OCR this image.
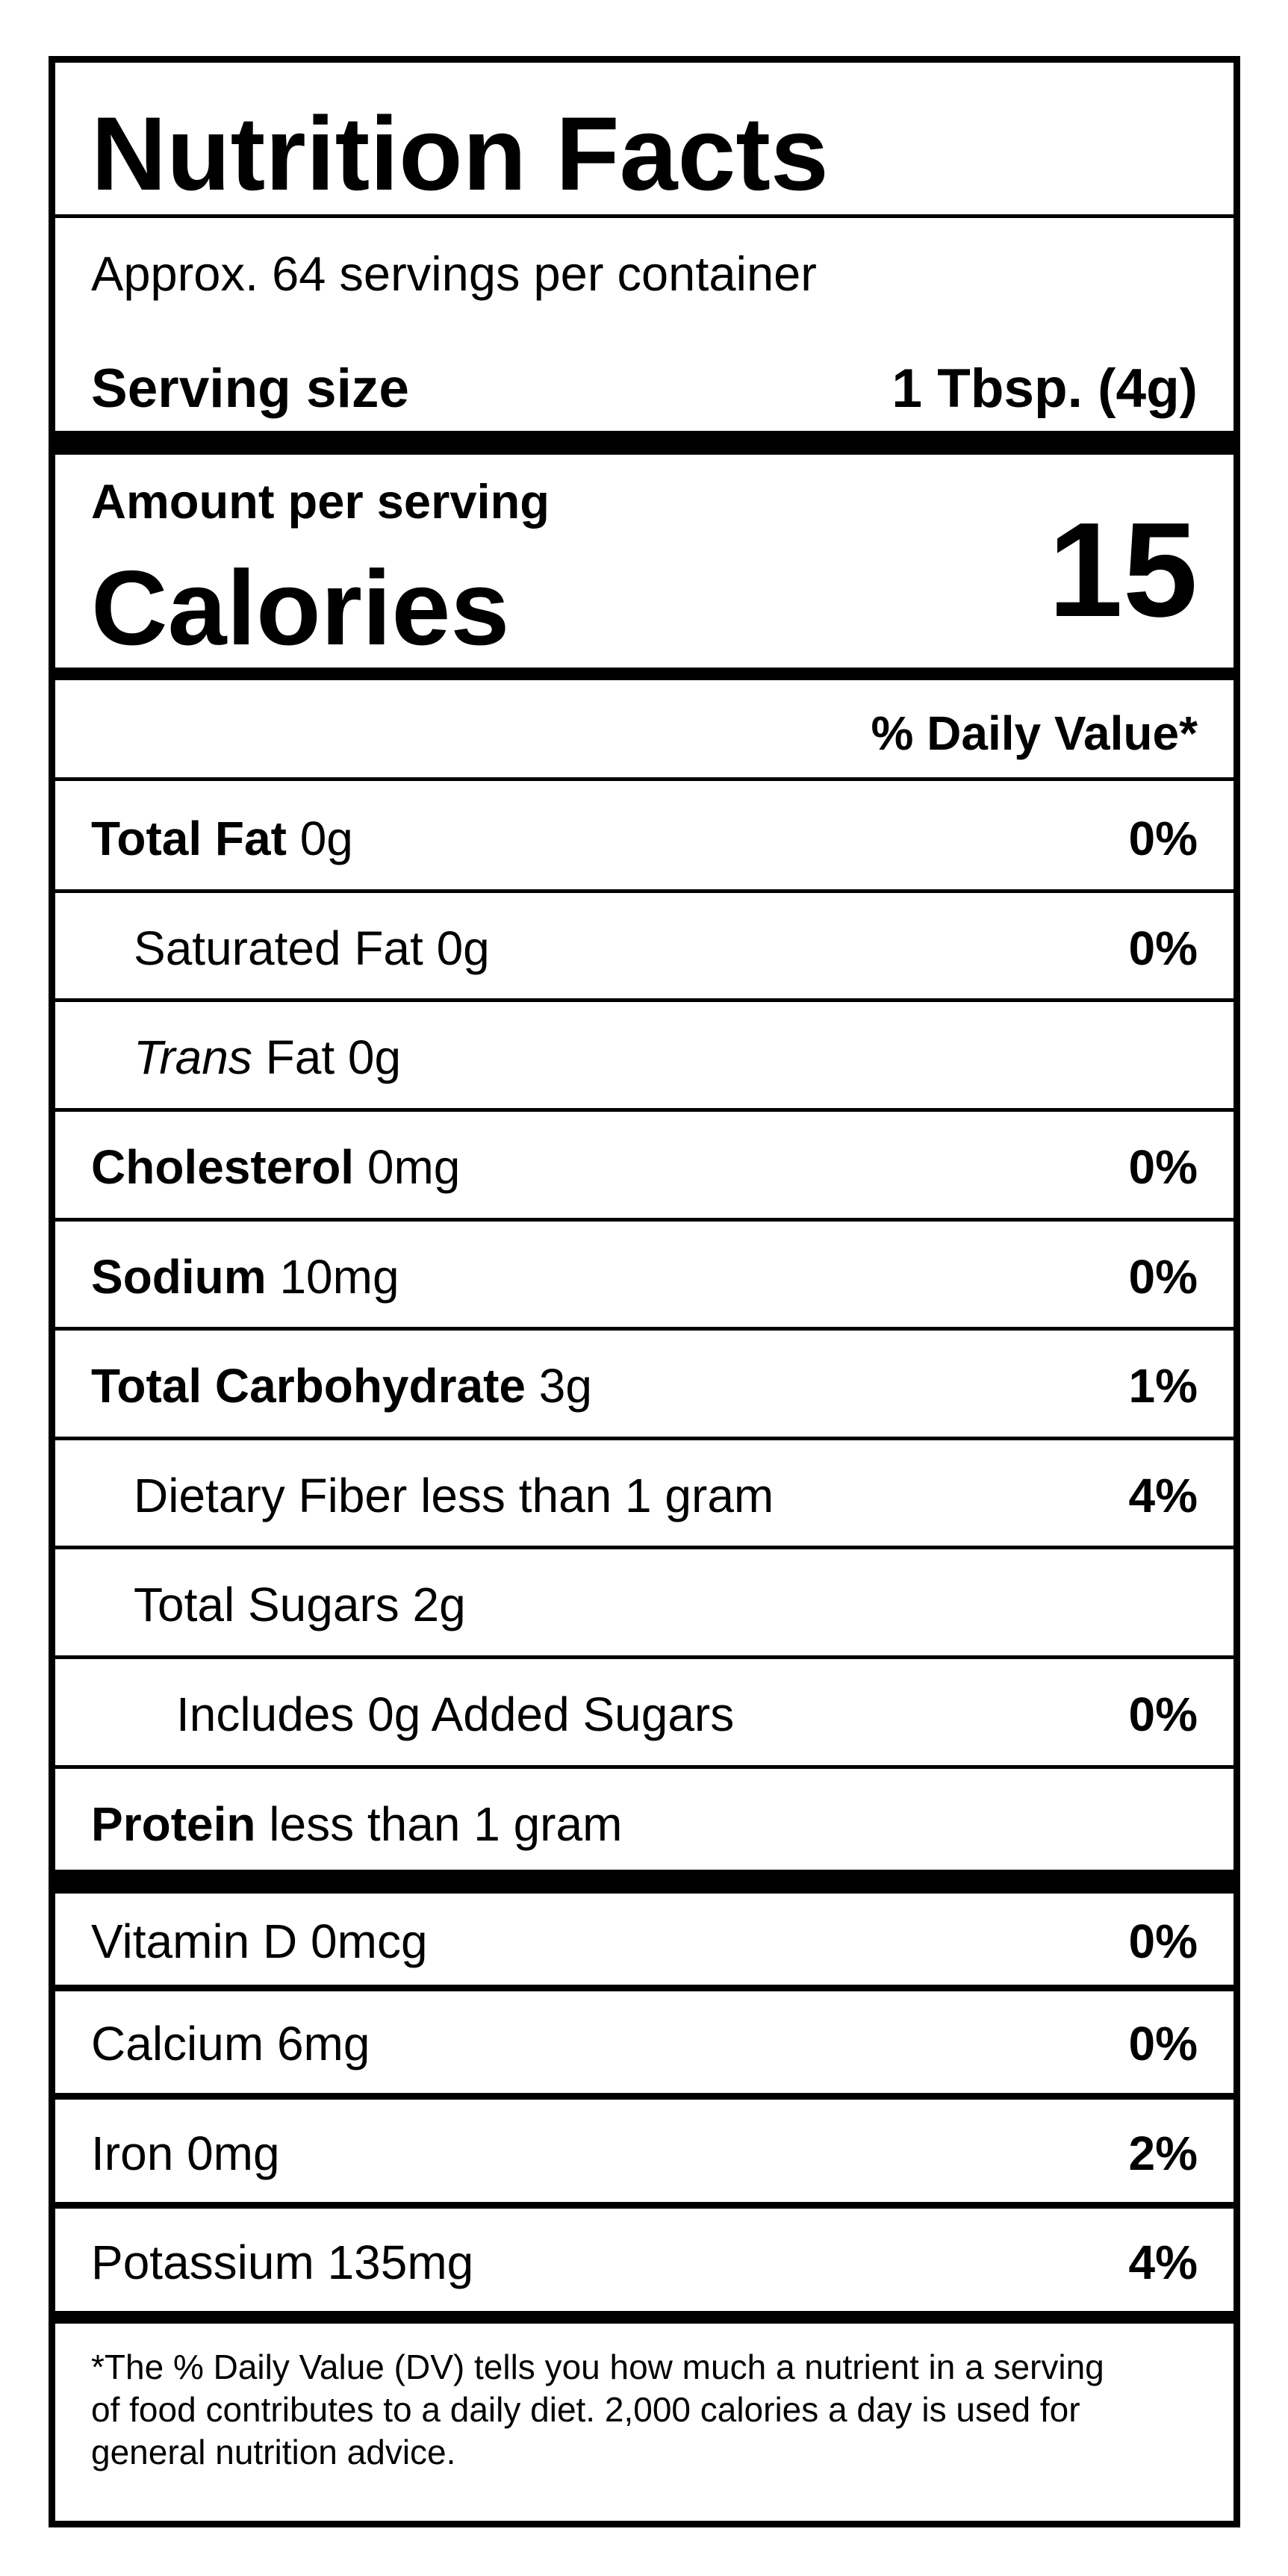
Nutrition Facts
Approx. 64 servings per container
Serving size	1 Tbsp. (4g)
Amount per serving
Calories	15
% Daily Value*
Total Fat 0g	0%
Saturated Fat 0g	0%
Trans Fat 0g
Cholesterol 0mg	0%
Sodium 10mg	0%
Total Carbohydrate 3g	1%
Dietary Fiber less than 1 gram	4%
Total Sugars 2g
Includes 0g Added Sugars	0%
Protein less than 1 gram
Vitamin D 0mcg	0%
Calcium 6mg	0%
Iron 0mg	2%
Potassium 135mg	4%
*The % Daily Value (DV) tells you how much a nutrient in a serving
of food contributes to a daily diet. 2,000 calories a day is used for
general nutrition advice.
